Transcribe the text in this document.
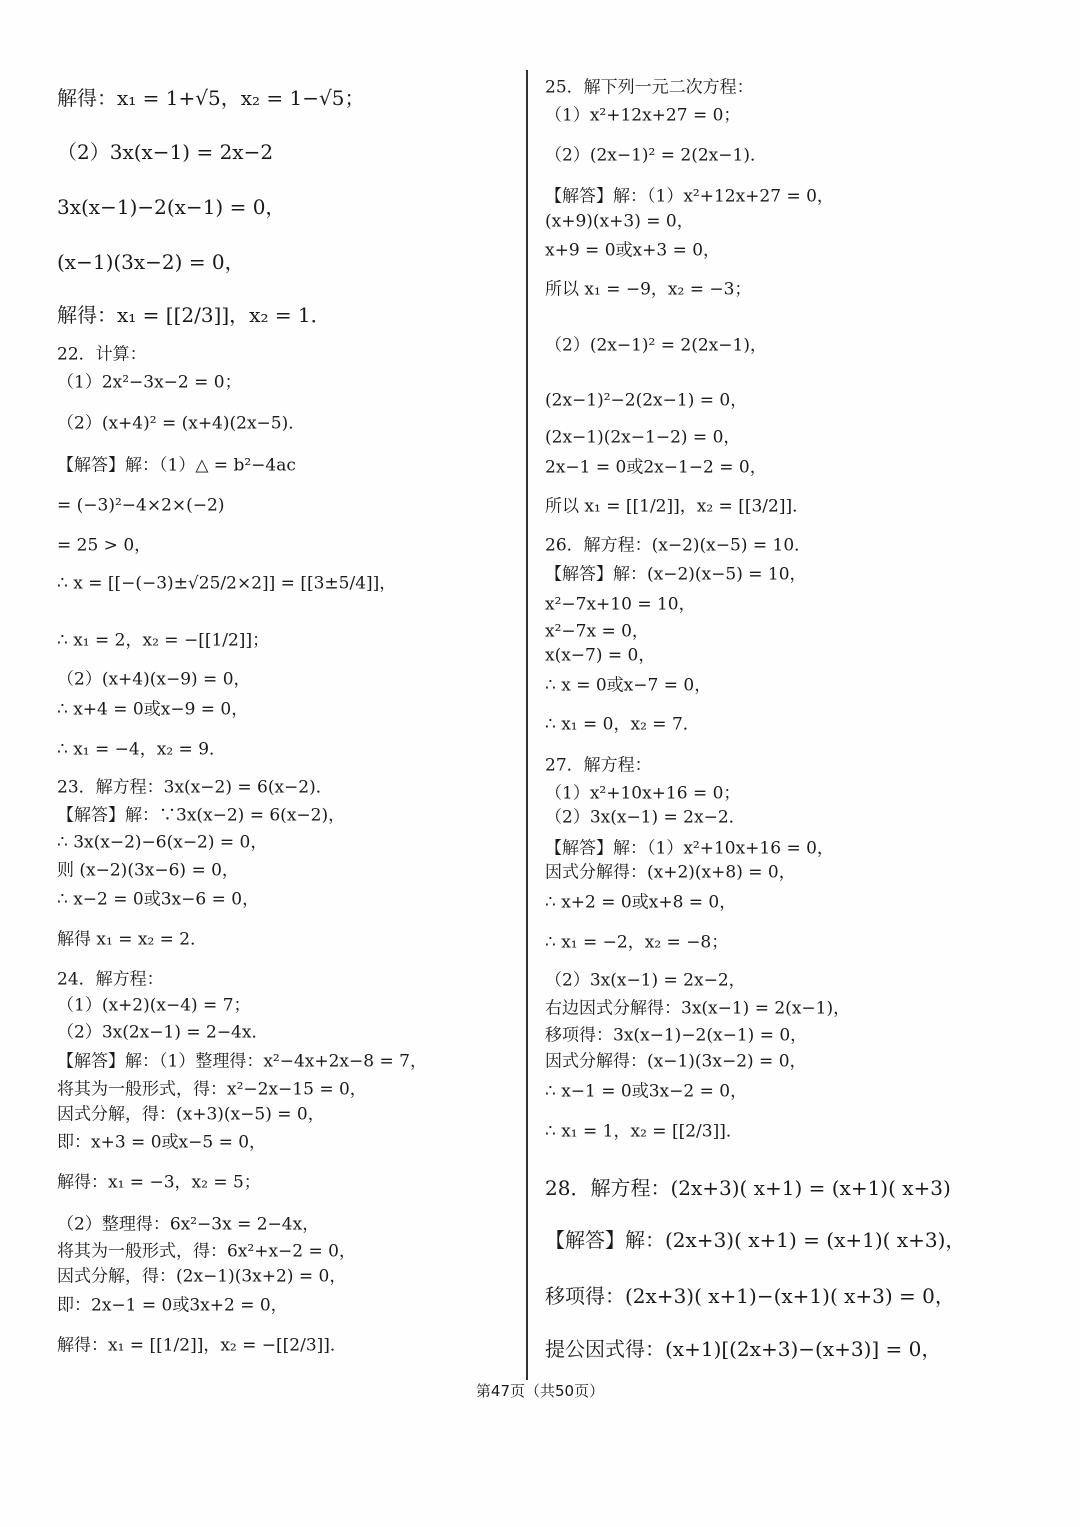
解得：x₁ = 1+√5，x₂ = 1−√5；
（2）3x(x−1) = 2x−2
3x(x−1)−2(x−1) = 0，
(x−1)(3x−2) = 0，
解得：x₁ = [[2/3]]，x₂ = 1．
22．计算：
（1）2x²−3x−2 = 0；
（2）(x+4)² = (x+4)(2x−5)．
【解答】解：（1）△ = b²−4ac
= (−3)²−4×2×(−2)
= 25 > 0，
∴ x = [[−(−3)±√25/2×2]] = [[3±5/4]]，
∴ x₁ = 2，x₂ = −[[1/2]]；
（2）(x+4)(x−9) = 0，
∴ x+4 = 0或x−9 = 0，
∴ x₁ = −4，x₂ = 9．
23．解方程：3x(x−2) = 6(x−2)．
【解答】解：∵3x(x−2) = 6(x−2)，
∴ 3x(x−2)−6(x−2) = 0，
则 (x−2)(3x−6) = 0，
∴ x−2 = 0或3x−6 = 0，
解得 x₁ = x₂ = 2．
24．解方程：
（1）(x+2)(x−4) = 7；
（2）3x(2x−1) = 2−4x．
【解答】解：（1）整理得：x²−4x+2x−8 = 7，
将其为一般形式，得：x²−2x−15 = 0，
因式分解，得：(x+3)(x−5) = 0，
即：x+3 = 0或x−5 = 0，
解得：x₁ = −3，x₂ = 5；
（2）整理得：6x²−3x = 2−4x，
将其为一般形式，得：6x²+x−2 = 0，
因式分解，得：(2x−1)(3x+2) = 0，
即：2x−1 = 0或3x+2 = 0，
解得：x₁ = [[1/2]]，x₂ = −[[2/3]]．
25．解下列一元二次方程：
（1）x²+12x+27 = 0；
（2）(2x−1)² = 2(2x−1)．
【解答】解：（1）x²+12x+27 = 0，
(x+9)(x+3) = 0，
x+9 = 0或x+3 = 0，
所以 x₁ = −9，x₂ = −3；
（2）(2x−1)² = 2(2x−1)，
(2x−1)²−2(2x−1) = 0，
(2x−1)(2x−1−2) = 0，
2x−1 = 0或2x−1−2 = 0，
所以 x₁ = [[1/2]]，x₂ = [[3/2]]．
26．解方程：(x−2)(x−5) = 10．
【解答】解：(x−2)(x−5) = 10，
x²−7x+10 = 10，
x²−7x = 0，
x(x−7) = 0，
∴ x = 0或x−7 = 0，
∴ x₁ = 0，x₂ = 7．
27．解方程：
（1）x²+10x+16 = 0；
（2）3x(x−1) = 2x−2．
【解答】解：（1）x²+10x+16 = 0，
因式分解得：(x+2)(x+8) = 0，
∴ x+2 = 0或x+8 = 0，
∴ x₁ = −2，x₂ = −8；
（2）3x(x−1) = 2x−2，
右边因式分解得：3x(x−1) = 2(x−1)，
移项得：3x(x−1)−2(x−1) = 0，
因式分解得：(x−1)(3x−2) = 0，
∴ x−1 = 0或3x−2 = 0，
∴ x₁ = 1，x₂ = [[2/3]]．
28．解方程：(2x+3)( x+1) = (x+1)( x+3)
【解答】解：(2x+3)( x+1) = (x+1)( x+3)，
移项得：(2x+3)( x+1)−(x+1)( x+3) = 0，
提公因式得：(x+1)[(2x+3)−(x+3)] = 0，
第47页（共50页）
